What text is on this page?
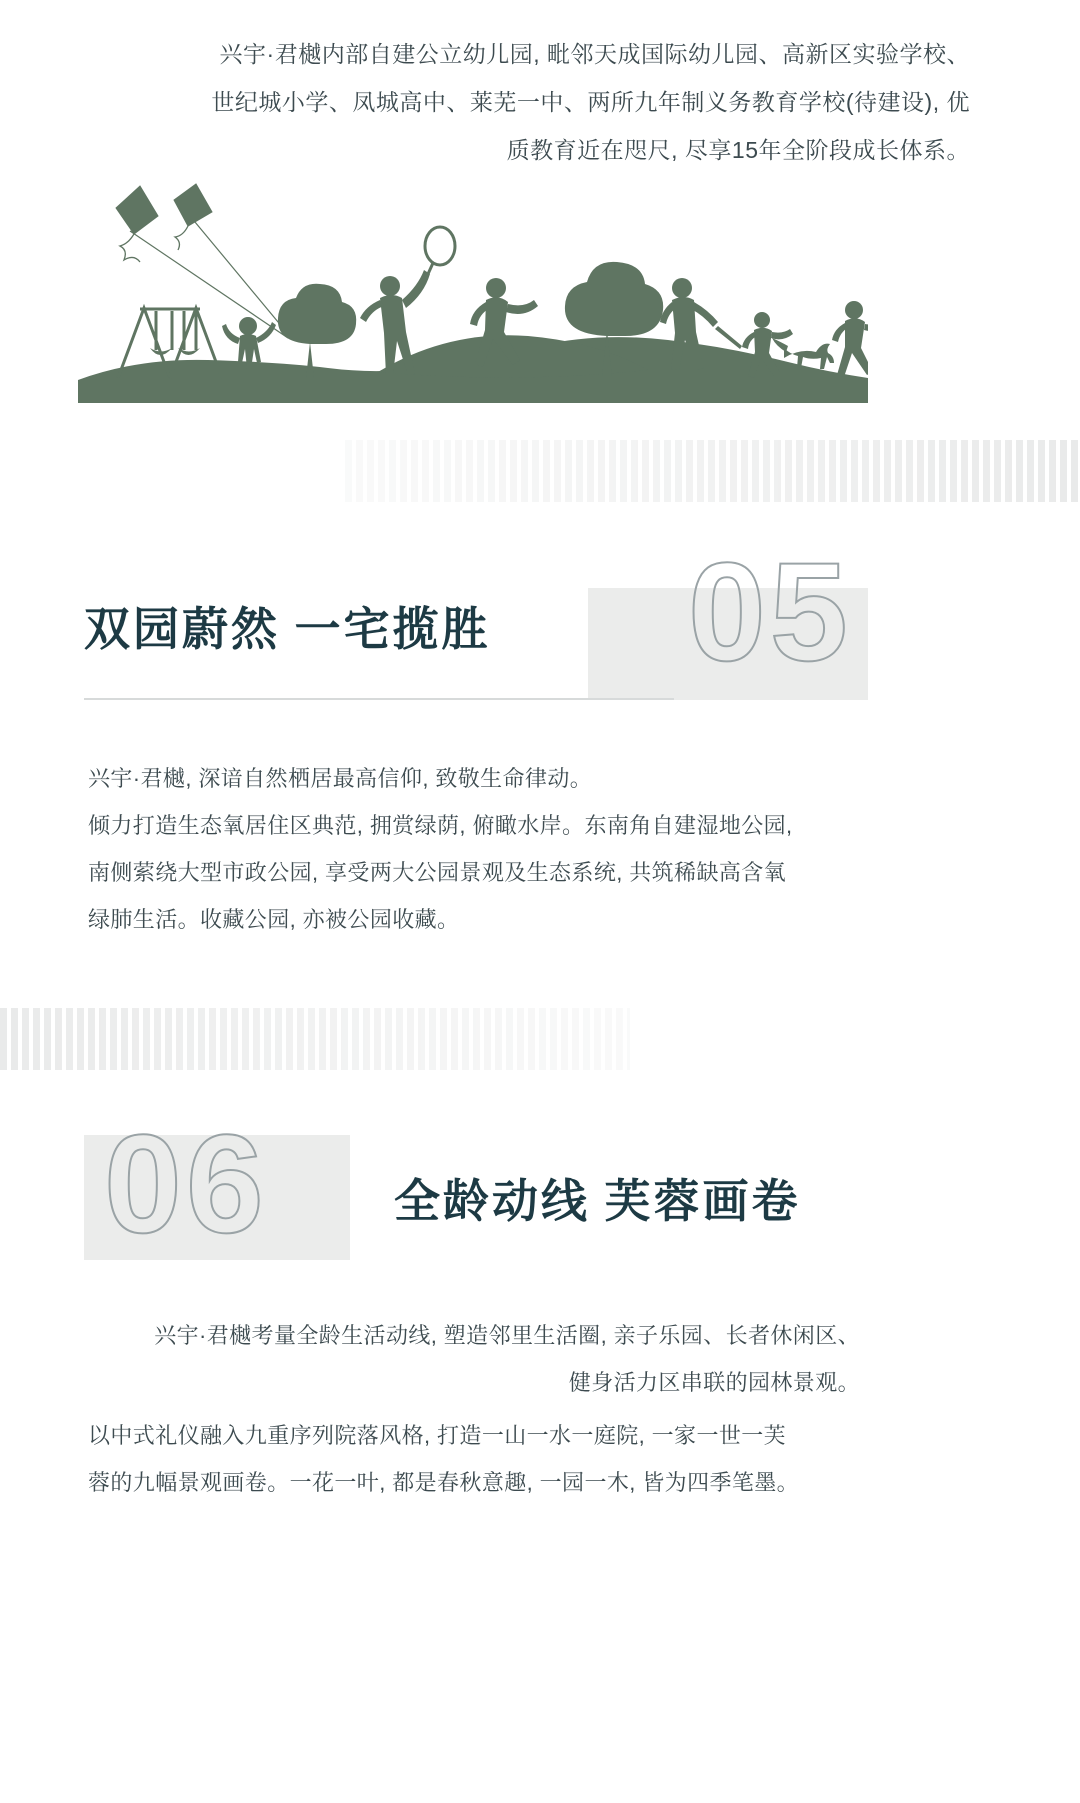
兴宇·君樾内部自建公立幼儿园, 毗邻天成国际幼儿园、高新区实验学校、
世纪城小学、凤城高中、莱芜一中、两所九年制义务教育学校(待建设), 优
质教育近在咫尺, 尽享15年全阶段成长体系。
05
双园蔚然 一宅揽胜
兴宇·君樾, 深谙自然栖居最高信仰, 致敬生命律动。
倾力打造生态氧居住区典范, 拥赏绿荫, 俯瞰水岸。东南角自建湿地公园,
南侧萦绕大型市政公园, 享受两大公园景观及生态系统, 共筑稀缺高含氧
绿肺生活。收藏公园, 亦被公园收藏。
06	全龄动线 芙蓉画卷
兴宇·君樾考量全龄生活动线, 塑造邻里生活圈, 亲子乐园、长者休闲区、
健身活力区串联的园林景观。
以中式礼仪融入九重序列院落风格, 打造一山一水一庭院, 一家一世一芙
蓉的九幅景观画卷。一花一叶, 都是春秋意趣, 一园一木, 皆为四季笔墨。
